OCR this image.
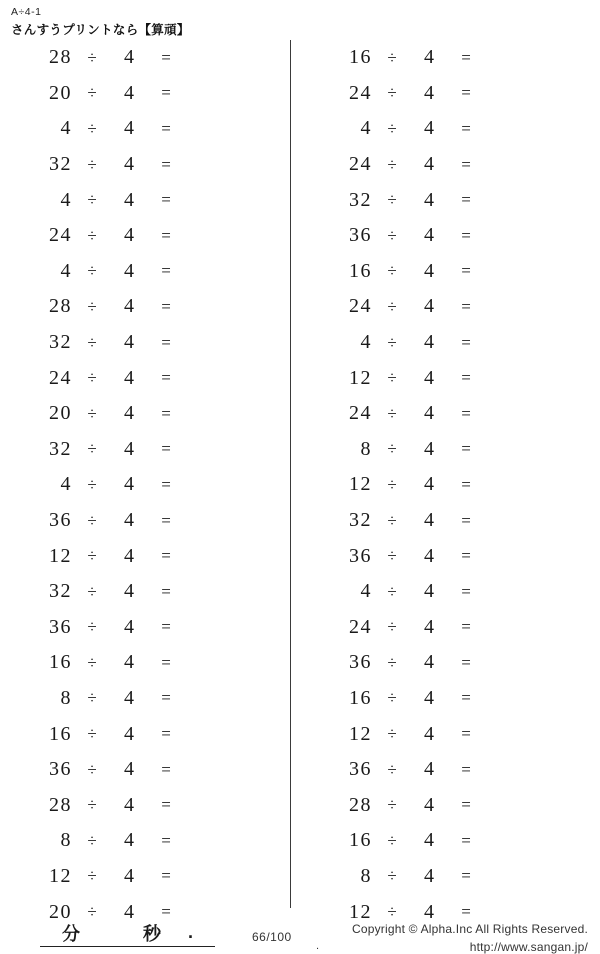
A÷4-1
さんすうプリントなら【算頑】
28 ÷	4	=
20 ÷	4	=
4 ÷	4	=
32 ÷	4	=
4 ÷	4	=
24 ÷	4	=
4 ÷	4	=
28 ÷	4	=
32 ÷	4	=
24 ÷	4	=
20 ÷	4	=
32 ÷	4	=
4 ÷	4	=
36 ÷	4	=
12 ÷	4	=
32 ÷	4	=
36 ÷	4	=
16 ÷	4	=
8 ÷	4	=
16 ÷	4	=
36 ÷	4	=
28 ÷	4	=
8 ÷	4	=
12 ÷	4	=
20 ÷	4	=
16 ÷	4	=
24 ÷	4	=
4 ÷	4	=
24 ÷	4	=
32 ÷	4	=
36 ÷	4	=
16 ÷	4	=
24 ÷	4	=
4 ÷	4	=
12 ÷	4	=
24 ÷	4	=
8 ÷	4	=
12 ÷	4	=
32 ÷	4	=
36 ÷	4	=
4 ÷	4	=
24 ÷	4	=
36 ÷	4	=
16 ÷	4	=
12 ÷	4	=
36 ÷	4	=
28 ÷	4	=
16 ÷	4	=
8 ÷	4	=
12 ÷	4	=
分	秒 .	66/100
.
Copyright © Alpha.Inc All Rights Reserved.
http://www.sangan.jp/
